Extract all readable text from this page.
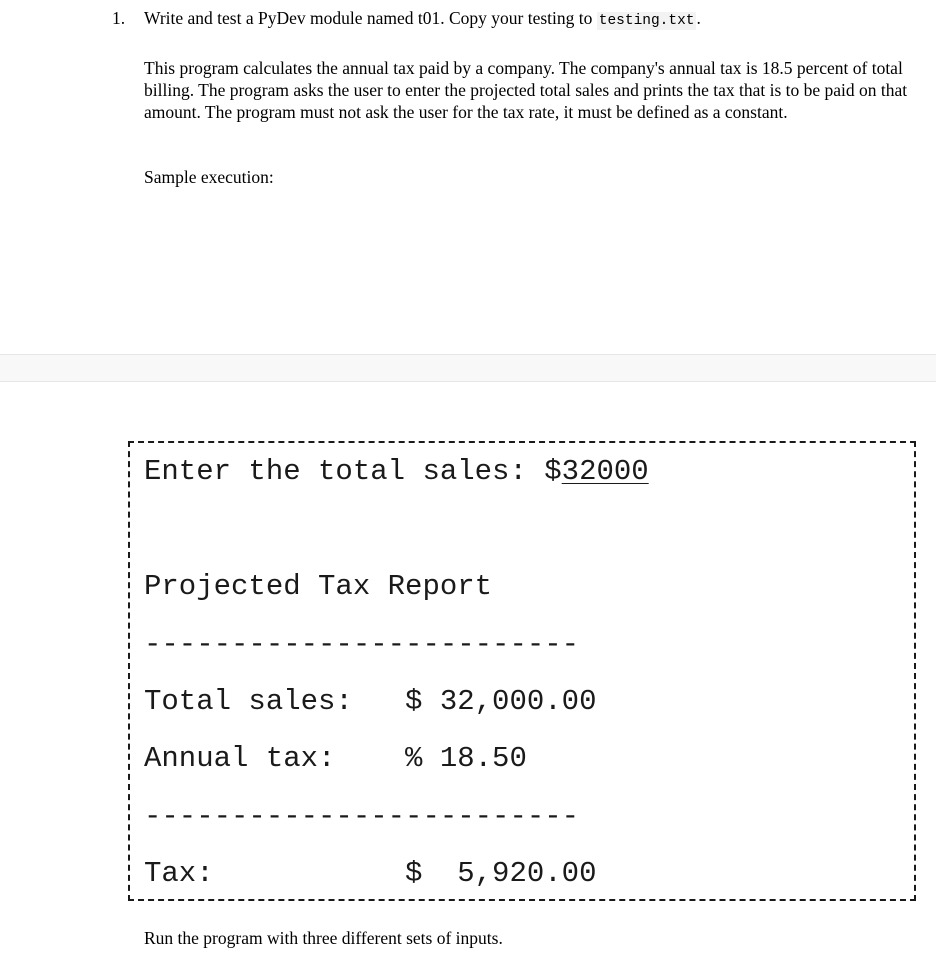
1. Write and test a PyDev module named t01. Copy your testing to testing.txt .

This program calculates the annual tax paid by a company. The company's annual tax is 18.5 percent of total billing. The program asks the user to enter the projected total sales and prints the tax that is to be paid on that amount. The program must not ask the user for the tax rate, it must be defined as a constant.

Sample execution:

Enter the total sales: $32000
Projected Tax Report
-------------------------
Total sales:   $ 32,000.00
Annual tax:    % 18.50
-------------------------
Tax:           $  5,920.00

Run the program with three different sets of inputs.
